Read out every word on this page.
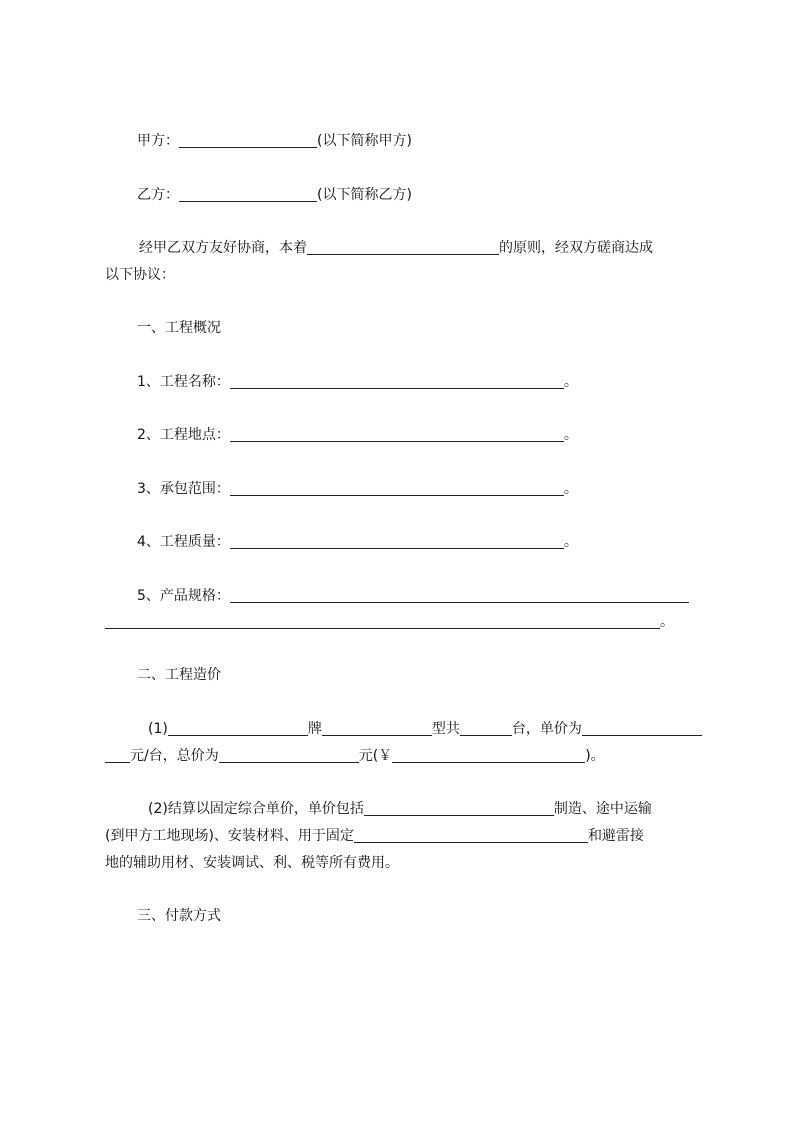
甲方：	(以下简称甲方)
乙方：	(以下简称乙方)
经甲乙双方友好协商，本着	的原则，经双方磋商达成
以下协议：
一、工程概况
1、工程名称：	。
2、工程地点：	。
3、承包范围：	。
4、工程质量：	。
5、产品规格：
。
二、工程造价
(1)	牌	型共	台，单价为
元/台，总价为	元(￥	)。
(2)结算以固定综合单价，单价包括	制造、途中运输
(到甲方工地现场)、安装材料、用于固定	和避雷接
地的辅助用材、安装调试、利、税等所有费用。
三、付款方式
